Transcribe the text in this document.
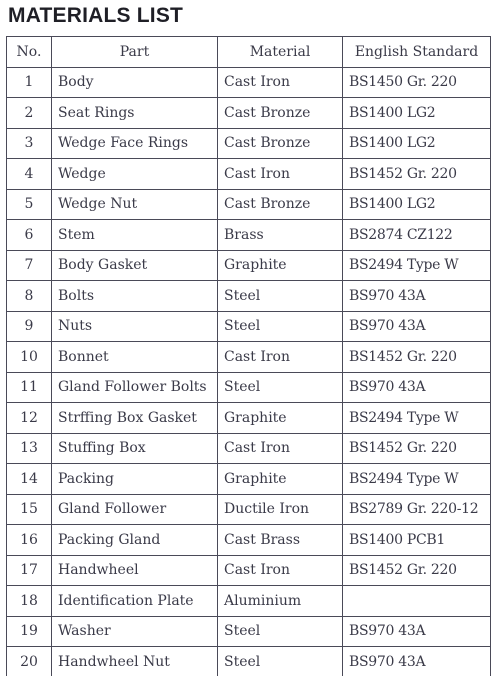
MATERIALS LIST
No.	Part	Material	English Standard
1	Body	Cast Iron	BS1450 Gr. 220
2	Seat Rings	Cast Bronze	BS1400 LG2
3	Wedge Face Rings	Cast Bronze	BS1400 LG2
4	Wedge	Cast Iron	BS1452 Gr. 220
5	Wedge Nut	Cast Bronze	BS1400 LG2
6	Stem	Brass	BS2874 CZ122
7	Body Gasket	Graphite	BS2494 Type W
8	Bolts	Steel	BS970 43A
9	Nuts	Steel	BS970 43A
10	Bonnet	Cast Iron	BS1452 Gr. 220
11	Gland Follower Bolts	Steel	BS970 43A
12	Strffing Box Gasket	Graphite	BS2494 Type W
13	Stuffing Box	Cast Iron	BS1452 Gr. 220
14	Packing	Graphite	BS2494 Type W
15	Gland Follower	Ductile Iron	BS2789 Gr. 220-12
16	Packing Gland	Cast Brass	BS1400 PCB1
17	Handwheel	Cast Iron	BS1452 Gr. 220
18	Identification Plate	Aluminium	
19	Washer	Steel	BS970 43A
20	Handwheel Nut	Steel	BS970 43A
